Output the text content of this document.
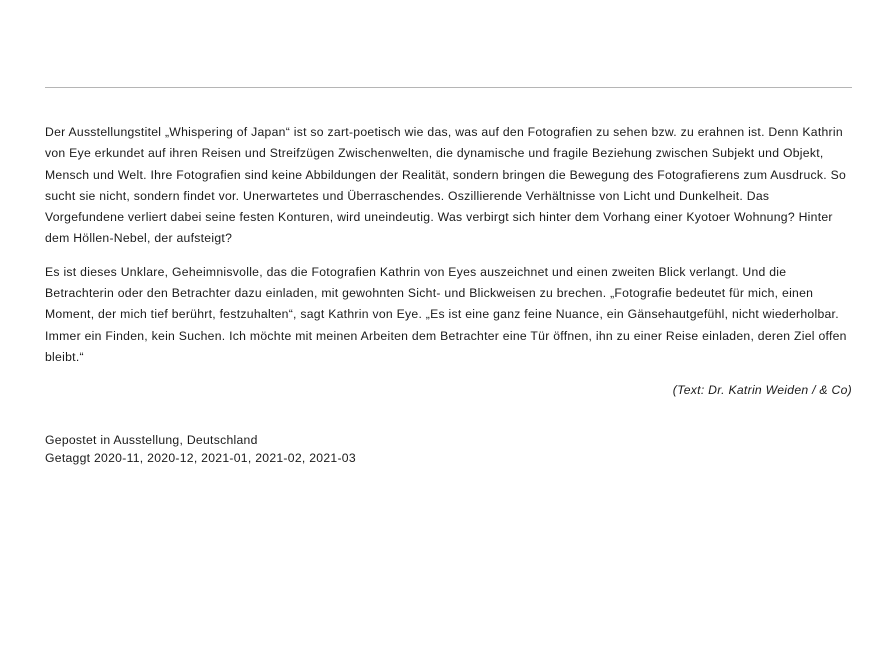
Der Ausstellungstitel „Whispering of Japan“ ist so zart-poetisch wie das, was auf den Fotografien zu sehen bzw. zu erahnen ist. Denn Kathrin von Eye erkundet auf ihren Reisen und Streifzügen Zwischenwelten, die dynamische und fragile Beziehung zwischen Subjekt und Objekt, Mensch und Welt. Ihre Fotografien sind keine Abbildungen der Realität, sondern bringen die Bewegung des Fotografierens zum Ausdruck. So sucht sie nicht, sondern findet vor. Unerwartetes und Überraschendes. Oszillierende Verhältnisse von Licht und Dunkelheit. Das Vorgefundene verliert dabei seine festen Konturen, wird uneindeutig. Was verbirgt sich hinter dem Vorhang einer Kyotoer Wohnung? Hinter dem Höllen-Nebel, der aufsteigt?

Es ist dieses Unklare, Geheimnisvolle, das die Fotografien Kathrin von Eyes auszeichnet und einen zweiten Blick verlangt. Und die Betrachterin oder den Betrachter dazu einladen, mit gewohnten Sicht- und Blickweisen zu brechen. „Fotografie bedeutet für mich, einen Moment, der mich tief berührt, festzuhalten“, sagt Kathrin von Eye. „Es ist eine ganz feine Nuance, ein Gänsehautgefühl, nicht wiederholbar. Immer ein Finden, kein Suchen. Ich möchte mit meinen Arbeiten dem Betrachter eine Tür öffnen, ihn zu einer Reise einladen, deren Ziel offen bleibt.“

(Text: Dr. Katrin Weiden / & Co)

Gepostet in Ausstellung, Deutschland
Getaggt 2020-11, 2020-12, 2021-01, 2021-02, 2021-03
